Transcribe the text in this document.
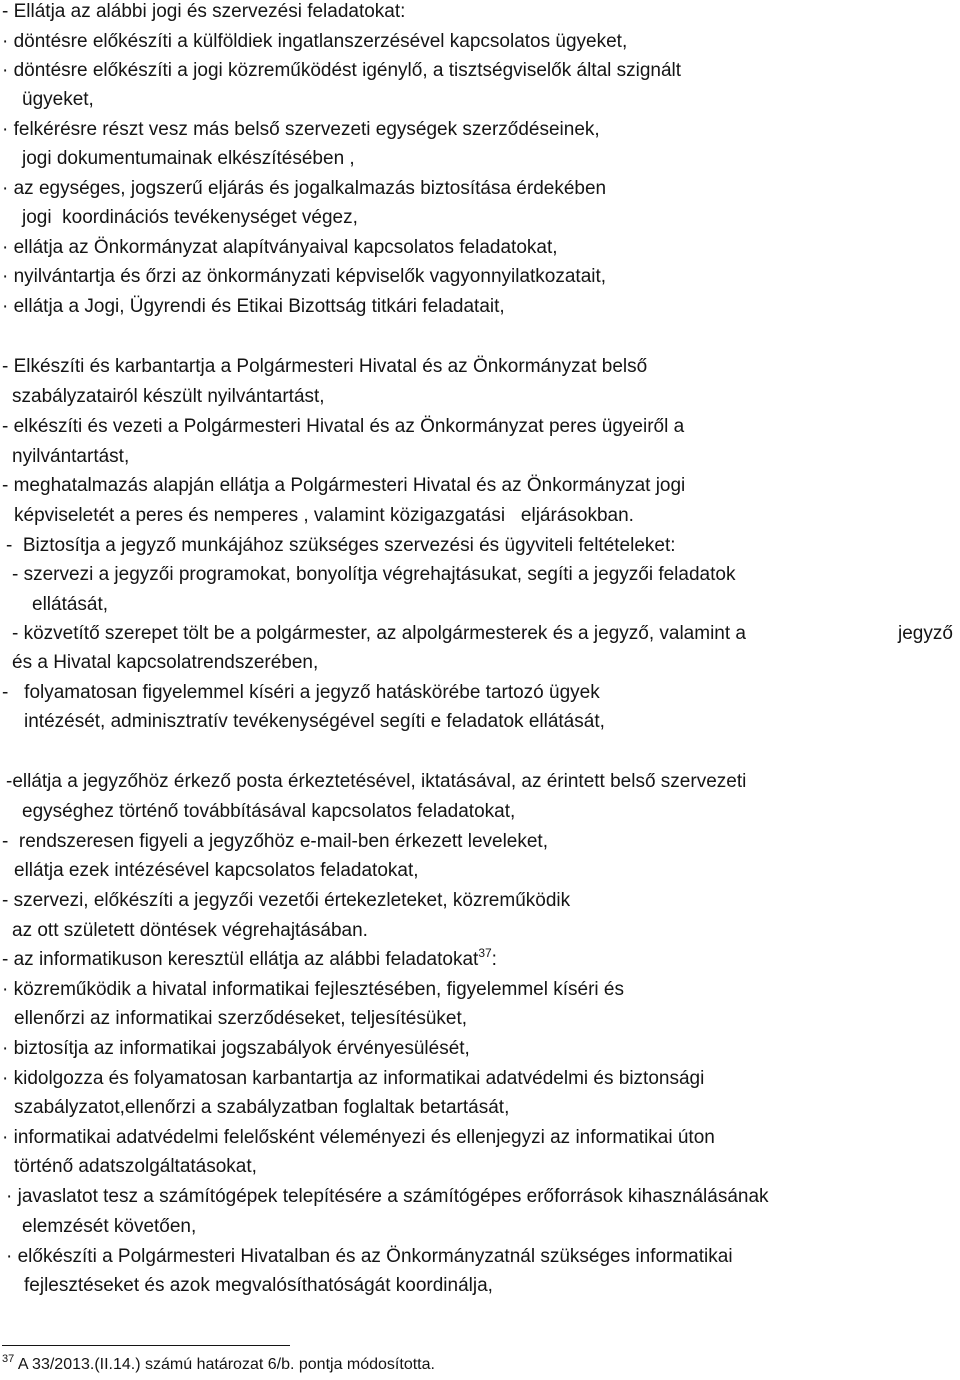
- Ellátja az alábbi jogi és szervezési feladatokat:
· döntésre előkészíti a külföldiek ingatlanszerzésével kapcsolatos ügyeket,
· döntésre előkészíti a jogi közreműködést igénylő, a tisztségviselők által szignált
ügyeket,
· felkérésre részt vesz más belső szervezeti egységek szerződéseinek,
jogi dokumentumainak elkészítésében ,
· az egységes, jogszerű eljárás és jogalkalmazás biztosítása érdekében
jogi  koordinációs tevékenységet végez,
· ellátja az Önkormányzat alapítványaival kapcsolatos feladatokat,
· nyilvántartja és őrzi az önkormányzati képviselők vagyonnyilatkozatait,
· ellátja a Jogi, Ügyrendi és Etikai Bizottság titkári feladatait,
- Elkészíti és karbantartja a Polgármesteri Hivatal és az Önkormányzat belső
szabályzatairól készült nyilvántartást,
- elkészíti és vezeti a Polgármesteri Hivatal és az Önkormányzat peres ügyeiről a
nyilvántartást,
- meghatalmazás alapján ellátja a Polgármesteri Hivatal és az Önkormányzat jogi
képviseletét a peres és nemperes , valamint közigazgatási   eljárásokban.
-  Biztosítja a jegyző munkájához szükséges szervezési és ügyviteli feltételeket:
- szervezi a jegyzői programokat, bonyolítja végrehajtásukat, segíti a jegyzői feladatok
ellátását,
- közvetítő szerepet tölt be a polgármester, az alpolgármesterek és a jegyző, valamint a	jegyző
és a Hivatal kapcsolatrendszerében,
-   folyamatosan figyelemmel kíséri a jegyző hatáskörébe tartozó ügyek
intézését, adminisztratív tevékenységével segíti e feladatok ellátását,
-ellátja a jegyzőhöz érkező posta érkeztetésével, iktatásával, az érintett belső szervezeti
egységhez történő továbbításával kapcsolatos feladatokat,
-  rendszeresen figyeli a jegyzőhöz e-mail-ben érkezett leveleket,
ellátja ezek intézésével kapcsolatos feladatokat,
- szervezi, előkészíti a jegyzői vezetői értekezleteket, közreműködik
az ott született döntések végrehajtásában.
- az informatikuson keresztül ellátja az alábbi feladatokat$^{37}$:
· közreműködik a hivatal informatikai fejlesztésében, figyelemmel kíséri és
ellenőrzi az informatikai szerződéseket, teljesítésüket,
· biztosítja az informatikai jogszabályok érvényesülését,
· kidolgozza és folyamatosan karbantartja az informatikai adatvédelmi és biztonsági
szabályzatot,ellenőrzi a szabályzatban foglaltak betartását,
· informatikai adatvédelmi felelősként véleményezi és ellenjegyzi az informatikai úton
történő adatszolgáltatásokat,
· javaslatot tesz a számítógépek telepítésére a számítógépes erőforrások kihasználásának
elemzését követően,
· előkészíti a Polgármesteri Hivatalban és az Önkormányzatnál szükséges informatikai
fejlesztéseket és azok megvalósíthatóságát koordinálja,
$^{37}$ A 33/2013.(II.14.) számú határozat 6/b. pontja módosította.
